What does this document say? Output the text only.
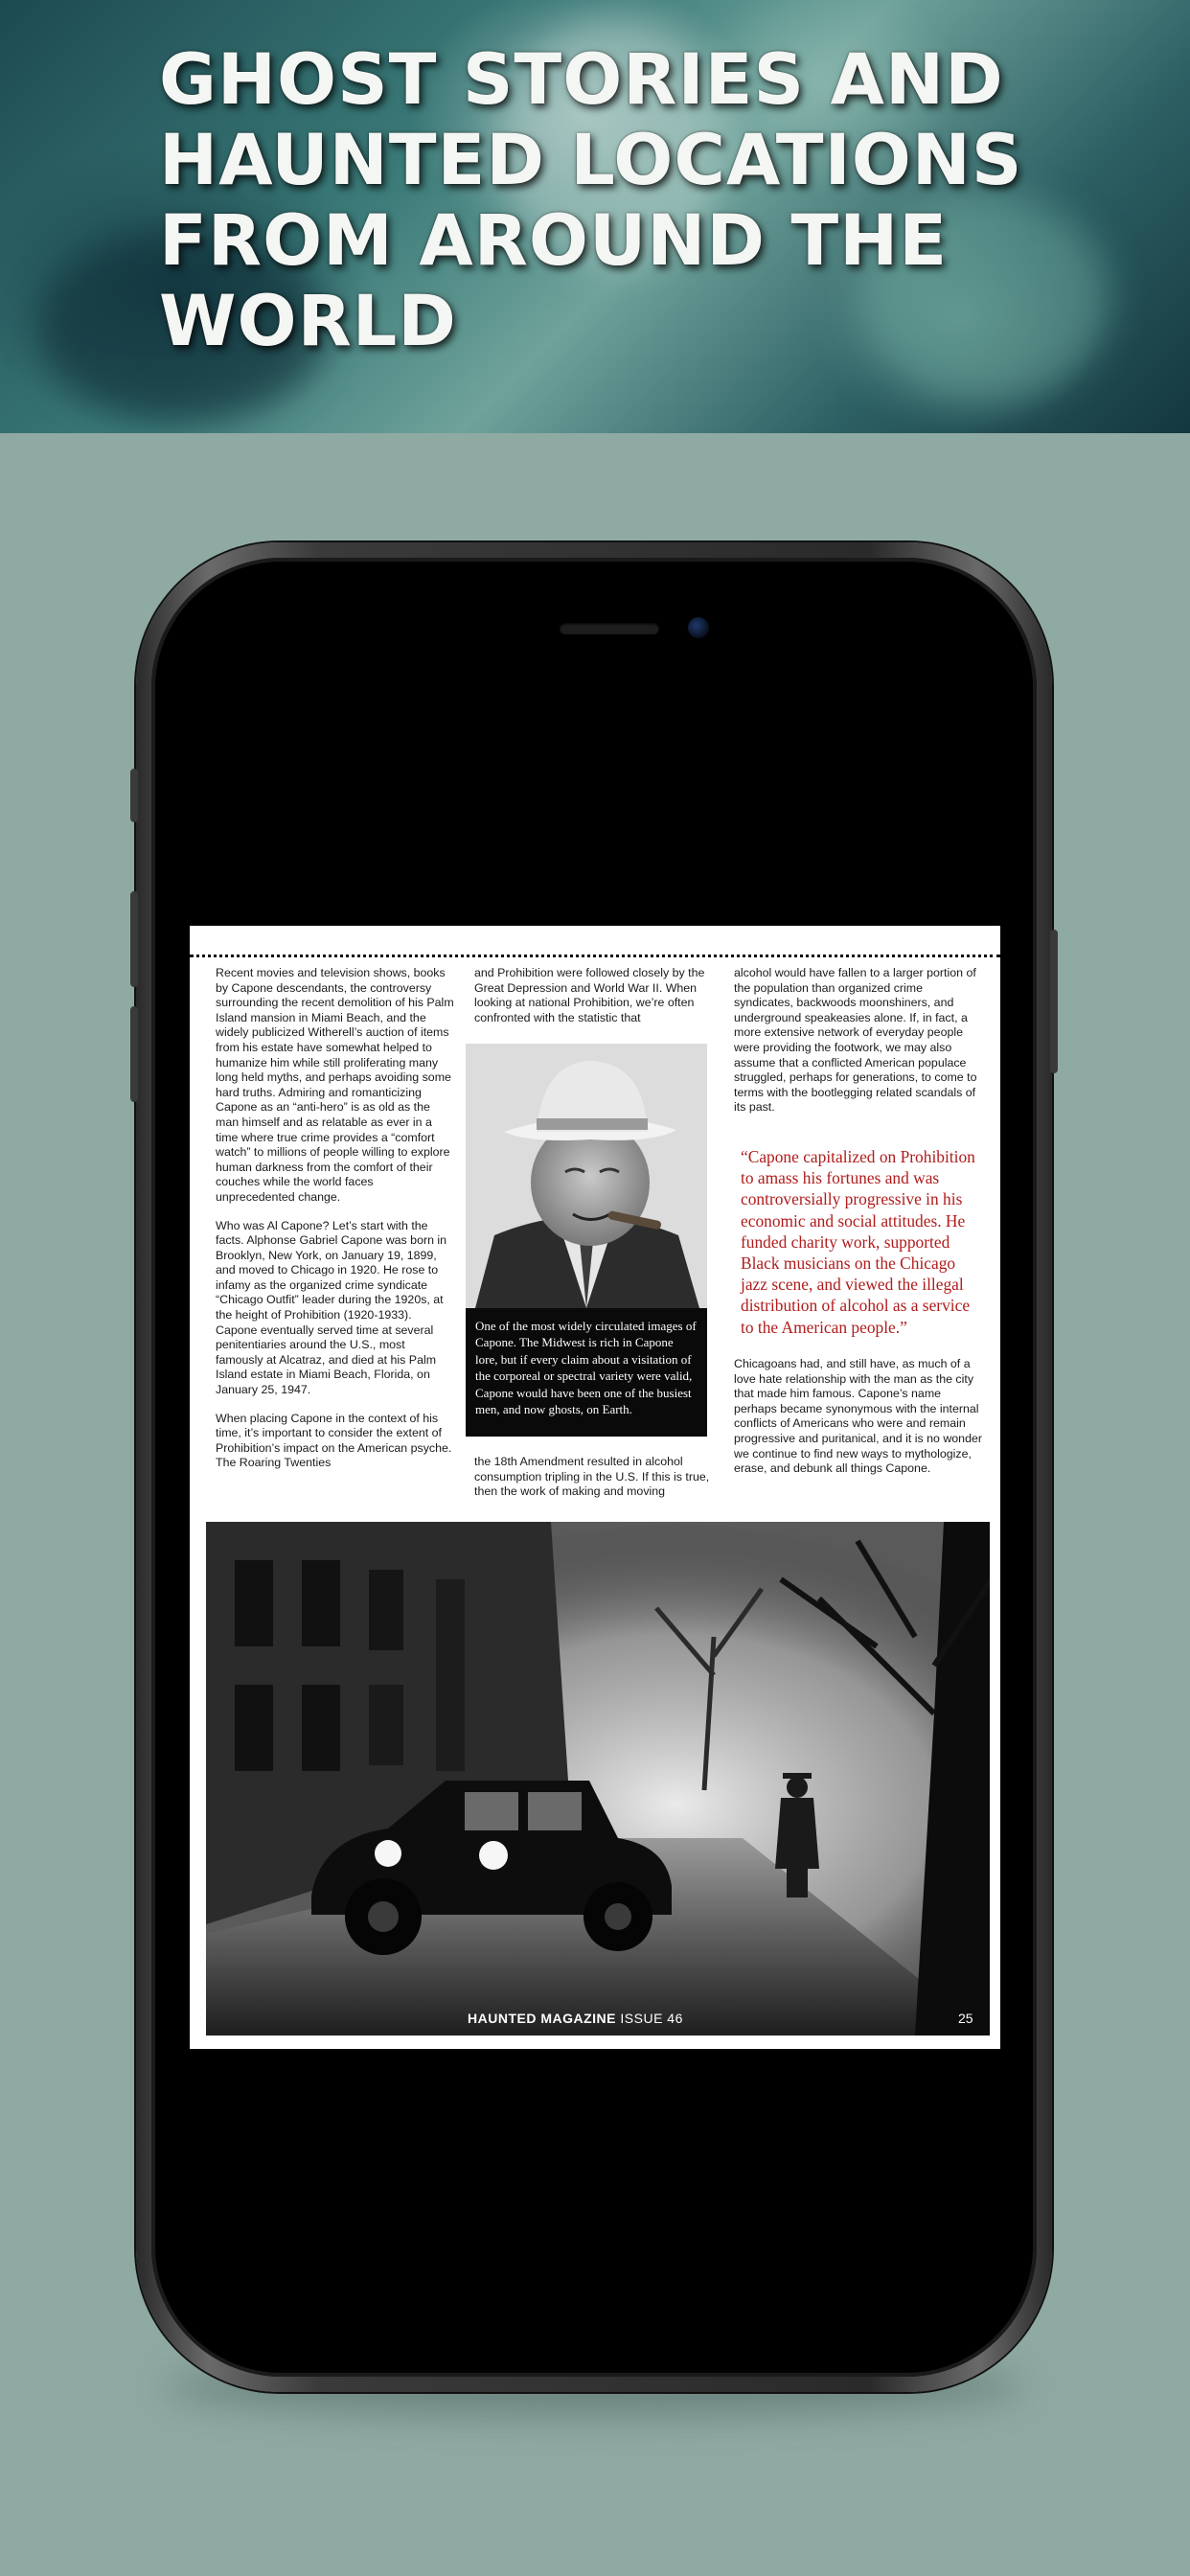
GHOST STORIES AND HAUNTED LOCATIONS FROM AROUND THE WORLD

Recent movies and television shows, books by Capone descendants, the controversy surrounding the recent demolition of his Palm Island mansion in Miami Beach, and the widely publicized Witherell’s auction of items from his estate have somewhat helped to humanize him while still proliferating many long held myths, and perhaps avoiding some hard truths. Admiring and romanticizing Capone as an “anti-hero” is as old as the man himself and as relatable as ever in a time where true crime provides a “comfort watch” to millions of people willing to explore human darkness from the comfort of their couches while the world faces unprecedented change.

Who was Al Capone? Let’s start with the facts. Alphonse Gabriel Capone was born in Brooklyn, New York, on January 19, 1899, and moved to Chicago in 1920. He rose to infamy as the organized crime syndicate “Chicago Outfit” leader during the 1920s, at the height of Prohibition (1920-1933). Capone eventually served time at several penitentiaries around the U.S., most famously at Alcatraz, and died at his Palm Island estate in Miami Beach, Florida, on January 25, 1947.

When placing Capone in the context of his time, it’s important to consider the extent of Prohibition’s impact on the American psyche. The Roaring Twenties

and Prohibition were followed closely by the Great Depression and World War II. When looking at national Prohibition, we’re often confronted with the statistic that

One of the most widely circulated images of Capone. The Midwest is rich in Capone lore, but if every claim about a visitation of the corporeal or spectral variety were valid, Capone would have been one of the busiest men, and now ghosts, on Earth.

the 18th Amendment resulted in alcohol consumption tripling in the U.S. If this is true, then the work of making and moving

alcohol would have fallen to a larger portion of the population than organized crime syndicates, backwoods moonshiners, and underground speakeasies alone. If, in fact, a more extensive network of everyday people were providing the footwork, we may also assume that a conflicted American populace struggled, perhaps for generations, to come to terms with the bootlegging related scandals of its past.

“Capone capitalized on Prohibition to amass his fortunes and was controversially progressive in his economic and social attitudes. He funded charity work, supported Black musicians on the Chicago jazz scene, and viewed the illegal distribution of alcohol as a service to the American people.”

Chicagoans had, and still have, as much of a love hate relationship with the man as the city that made him famous. Capone’s name perhaps became synonymous with the internal conflicts of Americans who were and remain progressive and puritanical, and it is no wonder we continue to find new ways to mythologize, erase, and debunk all things Capone.

HAUNTED MAGAZINE ISSUE 46	25
